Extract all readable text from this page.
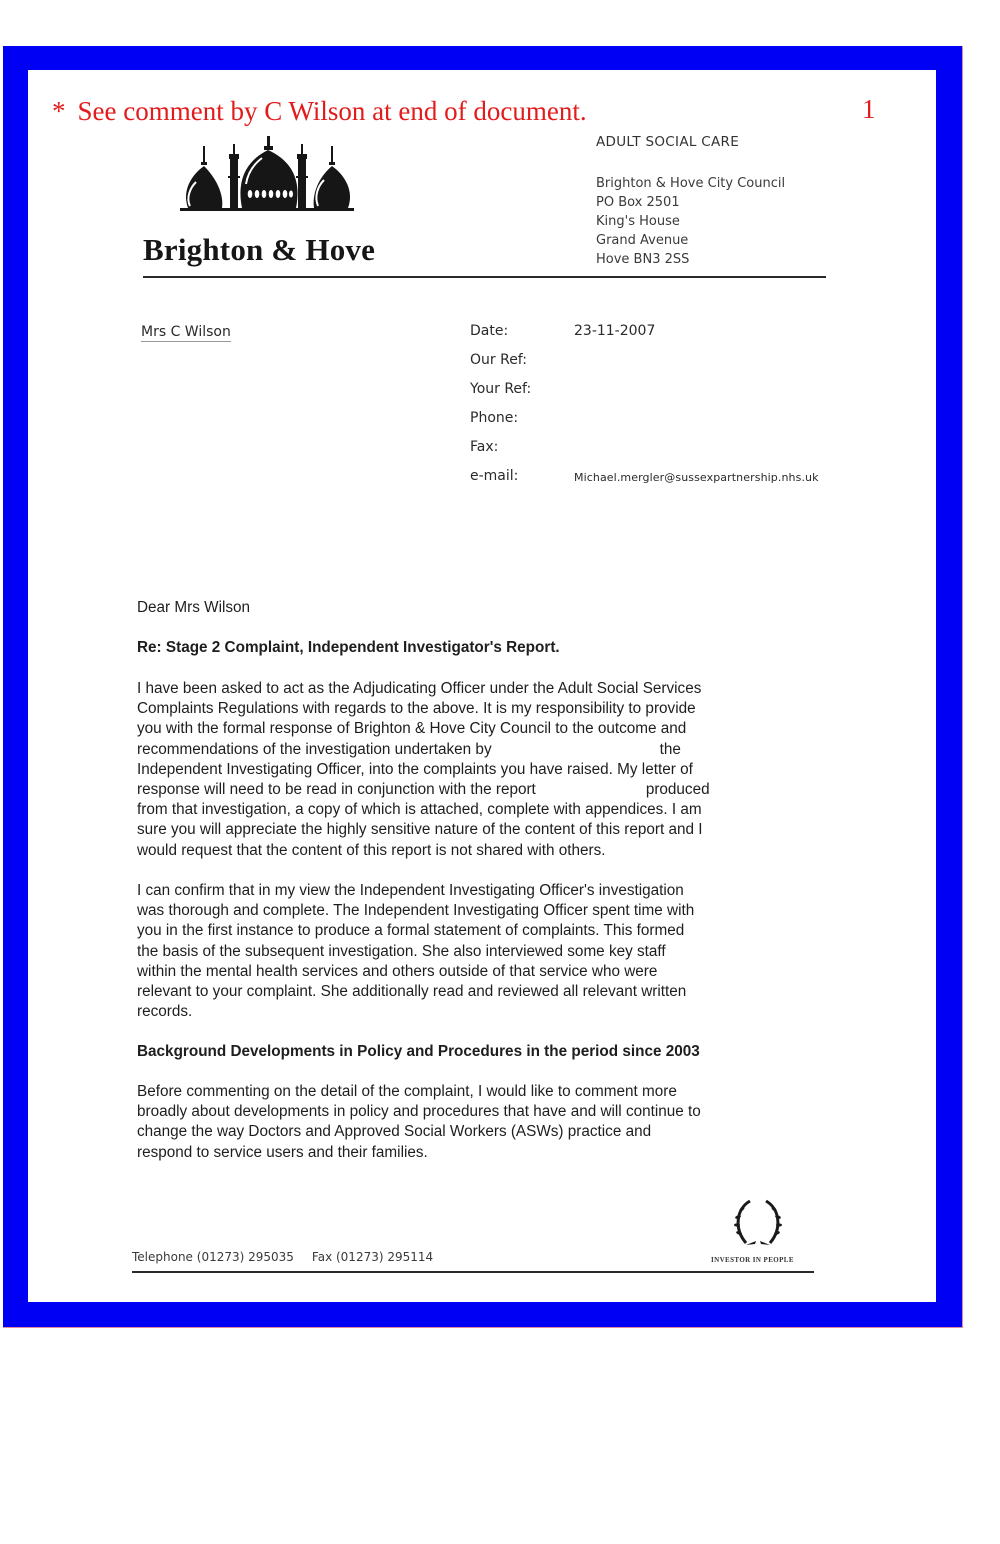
* See comment by C Wilson at end of document.	1
Brighton & Hove
ADULT SOCIAL CARE
Brighton & Hove City Council
PO Box 2501
King's House
Grand Avenue
Hove BN3 2SS
Mrs C Wilson	Date:	23-11-2007
Our Ref:
Your Ref:
Phone:
Fax:
e-mail:	Michael.mergler@sussexpartnership.nhs.uk
Dear Mrs Wilson
Re: Stage 2 Complaint, Independent Investigator's Report.

I have been asked to act as the Adjudicating Officer under the Adult Social Services

Complaints Regulations with regards to the above. It is my responsibility to provide

you with the formal response of Brighton & Hove City Council to the outcome and

recommendations of the investigation undertaken by	the

Independent Investigating Officer, into the complaints you have raised. My letter of

response will need to be read in conjunction with the report	produced

from that investigation, a copy of which is attached, complete with appendices. I am

sure you will appreciate the highly sensitive nature of the content of this report and I

would request that the content of this report is not shared with others.

I can confirm that in my view the Independent Investigating Officer's investigation

was thorough and complete. The Independent Investigating Officer spent time with

you in the first instance to produce a formal statement of complaints. This formed

the basis of the subsequent investigation. She also interviewed some key staff

within the mental health services and others outside of that service who were

relevant to your complaint. She additionally read and reviewed all relevant written

records.

Background Developments in Policy and Procedures in the period since 2003

Before commenting on the detail of the complaint, I would like to comment more

broadly about developments in policy and procedures that have and will continue to

change the way Doctors and Approved Social Workers (ASWs) practice and

respond to service users and their families.

INVESTOR IN PEOPLE
Telephone (01273) 295035 Fax (01273) 295114
